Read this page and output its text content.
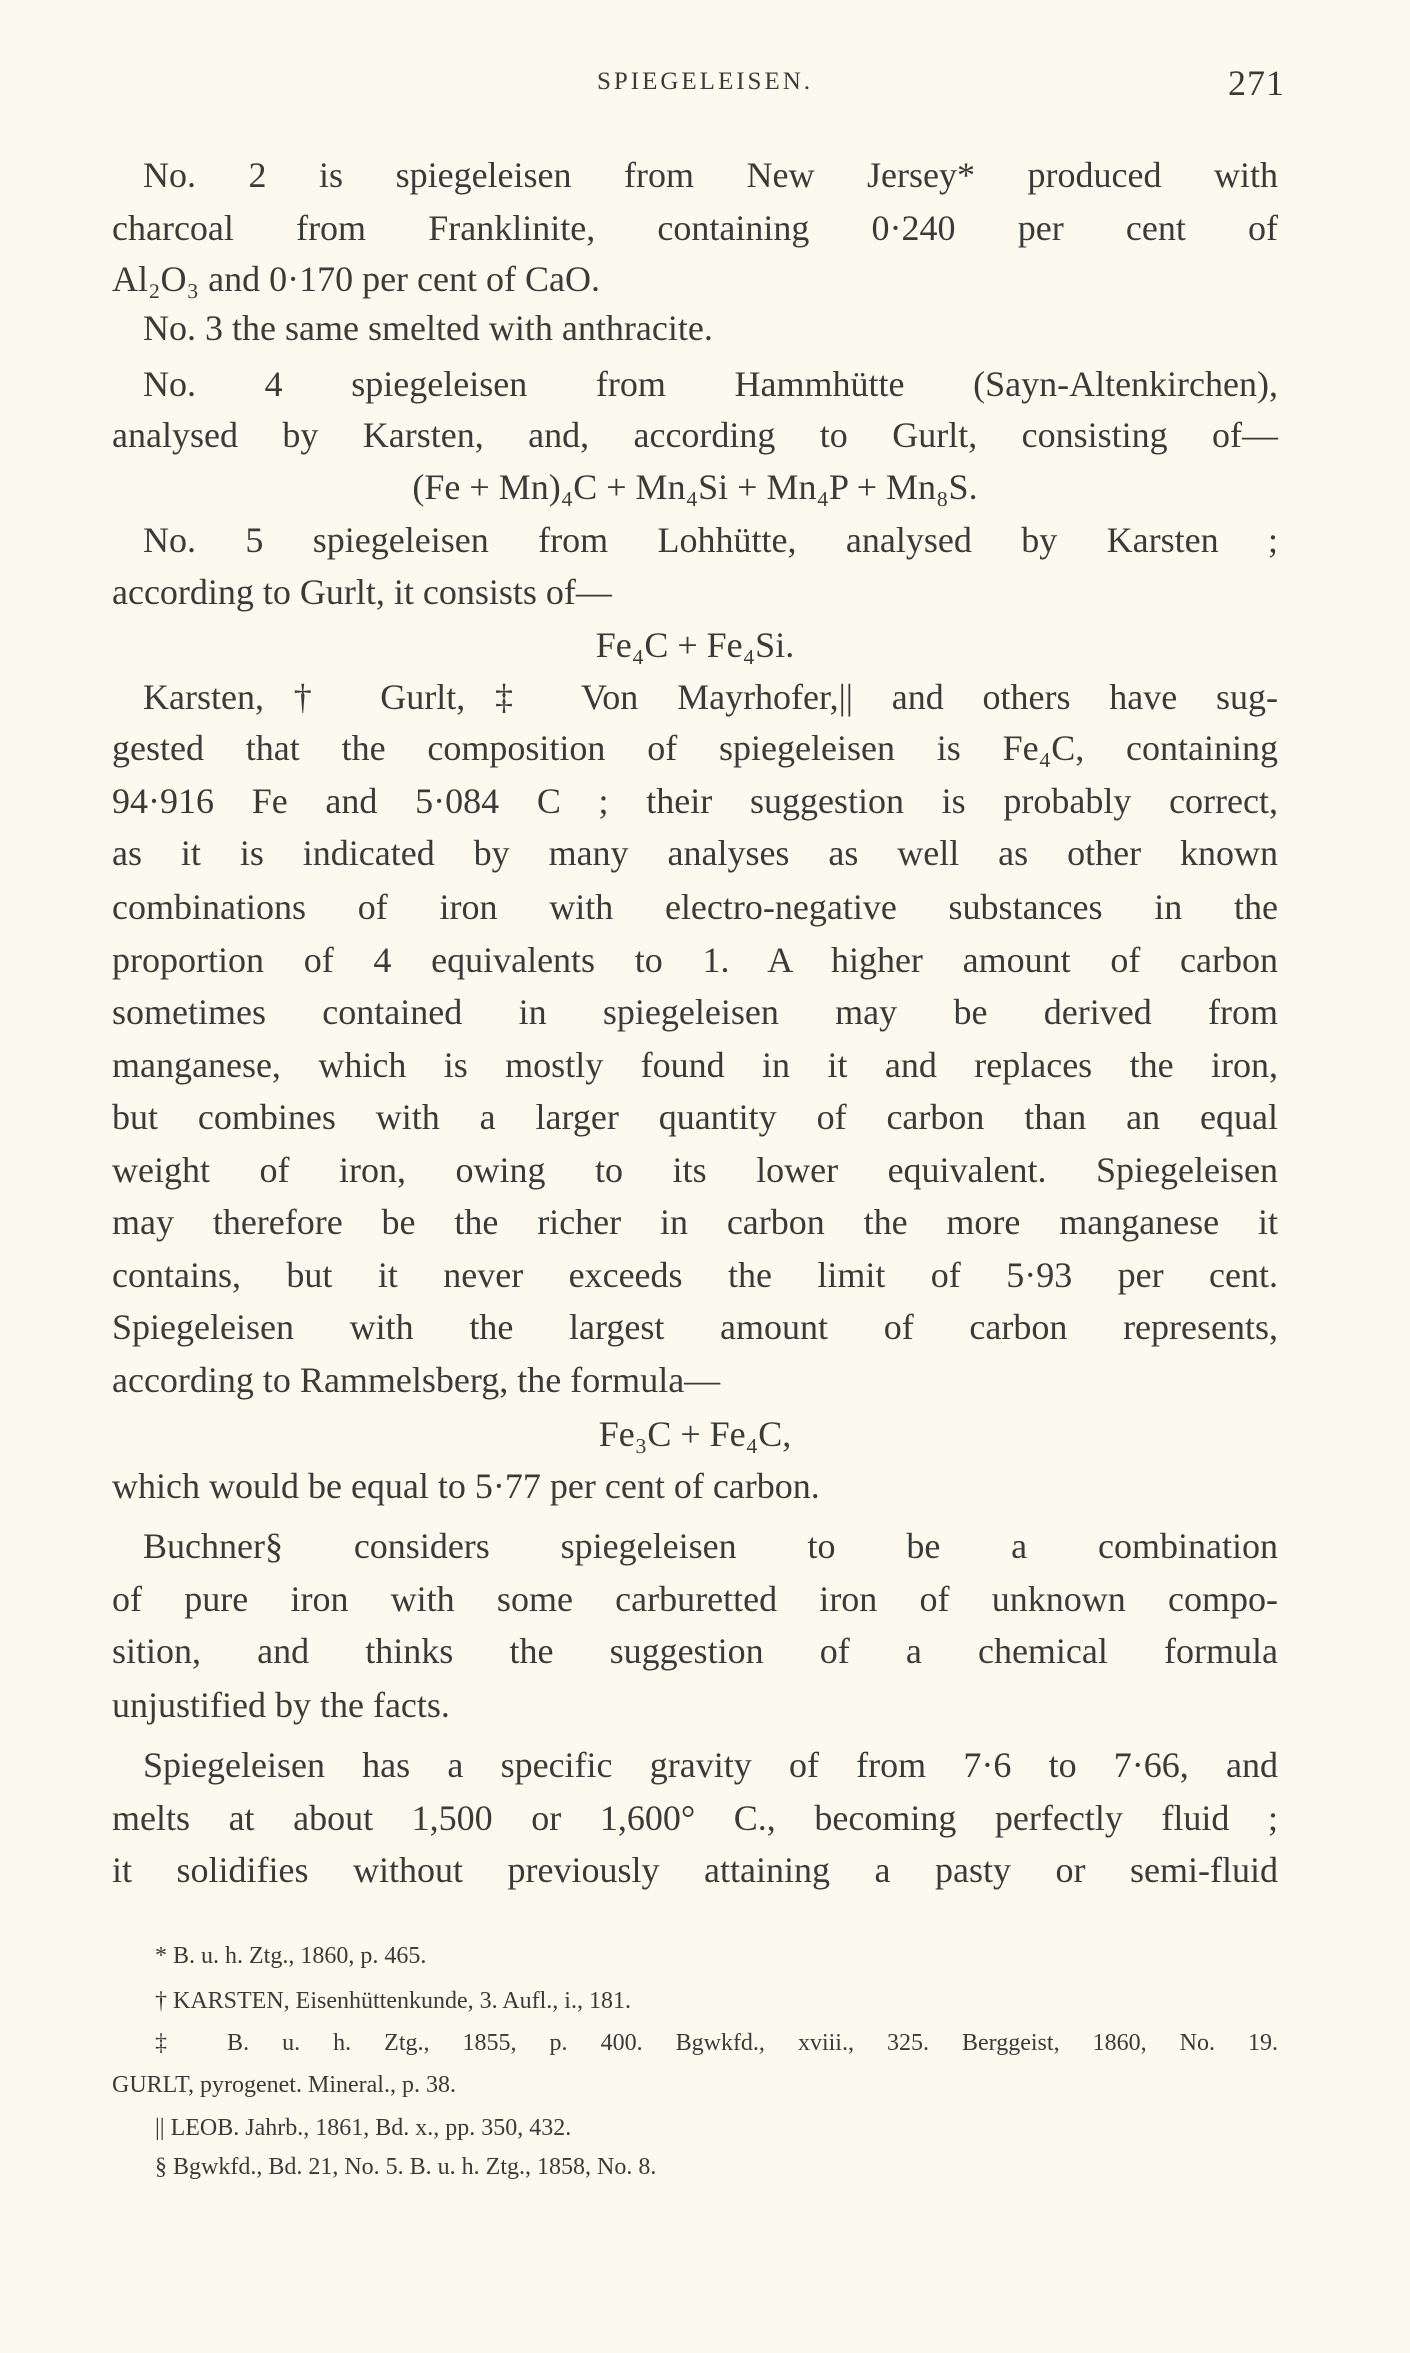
SPIEGELEISEN.	271
No. 2 is spiegeleisen from New Jersey* produced with
charcoal from Franklinite, containing 0·240 per cent of
Al₂O₃ and 0·170 per cent of CaO.
No. 3 the same smelted with anthracite.
No. 4 spiegeleisen from Hammhütte (Sayn-Altenkirchen),
analysed by Karsten, and, according to Gurlt, consisting of—
(Fe + Mn)₄C + Mn₄Si + Mn₄P + Mn₈S.
No. 5 spiegeleisen from Lohhütte, analysed by Karsten ;
according to Gurlt, it consists of—
Fe₄C + Fe₄Si.
Karsten,† Gurlt,‡ Von Mayrhofer,|| and others have sug-
gested that the composition of spiegeleisen is Fe₄C, containing
94·916 Fe and 5·084 C ; their suggestion is probably correct,
as it is indicated by many analyses as well as other known
combinations of iron with electro-negative substances in the
proportion of 4 equivalents to 1. A higher amount of carbon
sometimes contained in spiegeleisen may be derived from
manganese, which is mostly found in it and replaces the iron,
but combines with a larger quantity of carbon than an equal
weight of iron, owing to its lower equivalent. Spiegeleisen
may therefore be the richer in carbon the more manganese it
contains, but it never exceeds the limit of 5·93 per cent.
Spiegeleisen with the largest amount of carbon represents,
according to Rammelsberg, the formula—
Fe₃C + Fe₄C,
which would be equal to 5·77 per cent of carbon.
Buchner§ considers spiegeleisen to be a combination
of pure iron with some carburetted iron of unknown compo-
sition, and thinks the suggestion of a chemical formula
unjustified by the facts.
Spiegeleisen has a specific gravity of from 7·6 to 7·66, and
melts at about 1,500 or 1,600° C., becoming perfectly fluid ;
it solidifies without previously attaining a pasty or semi-fluid
* B. u. h. Ztg., 1860, p. 465.
† KARSTEN, Eisenhüttenkunde, 3. Aufl., i., 181.
‡ B. u. h. Ztg., 1855, p. 400. Bgwkfd., xviii., 325. Berggeist, 1860, No. 19.
GURLT, pyrogenet. Mineral., p. 38.
|| LEOB. Jahrb., 1861, Bd. x., pp. 350, 432.
§ Bgwkfd., Bd. 21, No. 5. B. u. h. Ztg., 1858, No. 8.
